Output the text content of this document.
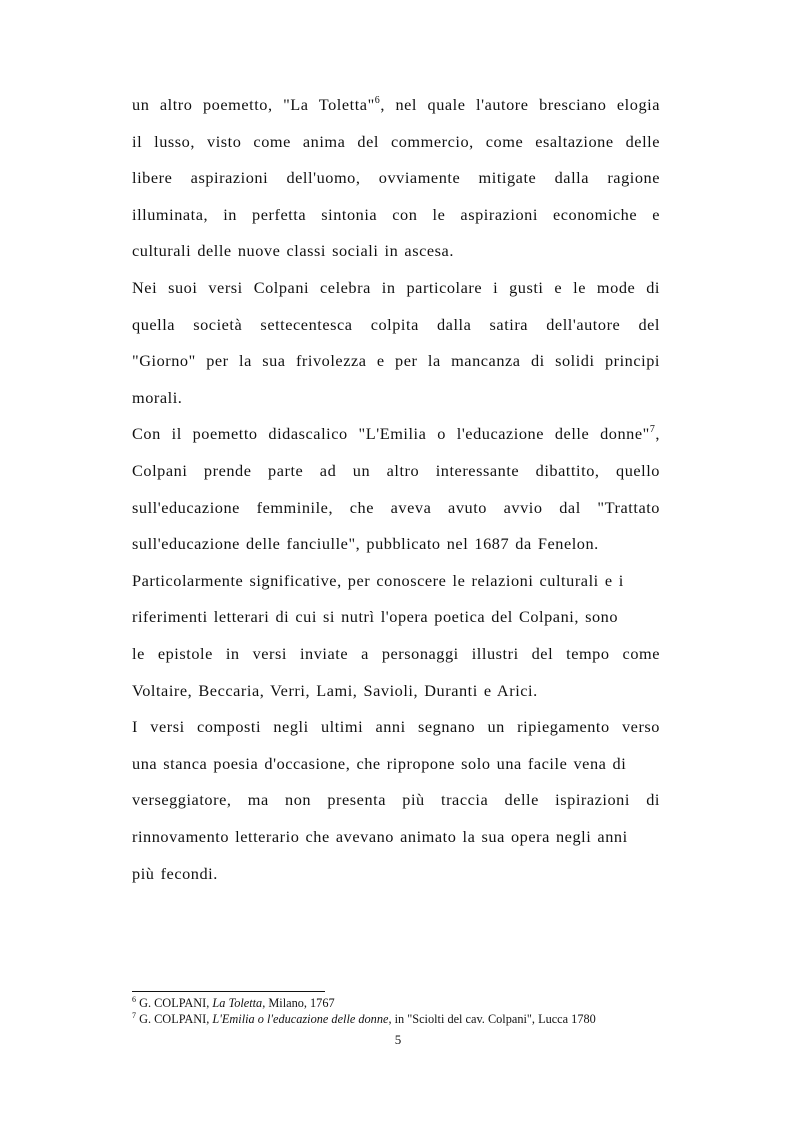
un altro poemetto, "La Toletta"$^6$, nel quale l'autore bresciano elogia
il lusso, visto come anima del commercio, come esaltazione delle
libere aspirazioni dell'uomo, ovviamente mitigate dalla ragione
illuminata, in perfetta sintonia con le aspirazioni economiche e
culturali delle nuove classi sociali in ascesa.
Nei suoi versi Colpani celebra in particolare i gusti e le mode di
quella società settecentesca colpita dalla satira dell'autore del
"Giorno" per la sua frivolezza e per la mancanza di solidi principi
morali.
Con il poemetto didascalico "L'Emilia o l'educazione delle donne"$^7$,
Colpani prende parte ad un altro interessante dibattito, quello
sull'educazione femminile, che aveva avuto avvio dal "Trattato
sull'educazione delle fanciulle", pubblicato nel 1687 da Fenelon.
Particolarmente significative, per conoscere le relazioni culturali e i
riferimenti letterari di cui si nutrì l'opera poetica del Colpani, sono
le epistole in versi inviate a personaggi illustri del tempo come
Voltaire, Beccaria, Verri, Lami, Savioli, Duranti e Arici.
I versi composti negli ultimi anni segnano un ripiegamento verso
una stanca poesia d'occasione, che ripropone solo una facile vena di
verseggiatore, ma non presenta più traccia delle ispirazioni di
rinnovamento letterario che avevano animato la sua opera negli anni
più fecondi.
$^6$ G. COLPANI, La Toletta, Milano, 1767
$^7$ G. COLPANI, L'Emilia o l'educazione delle donne, in "Sciolti del cav. Colpani", Lucca 1780
5
